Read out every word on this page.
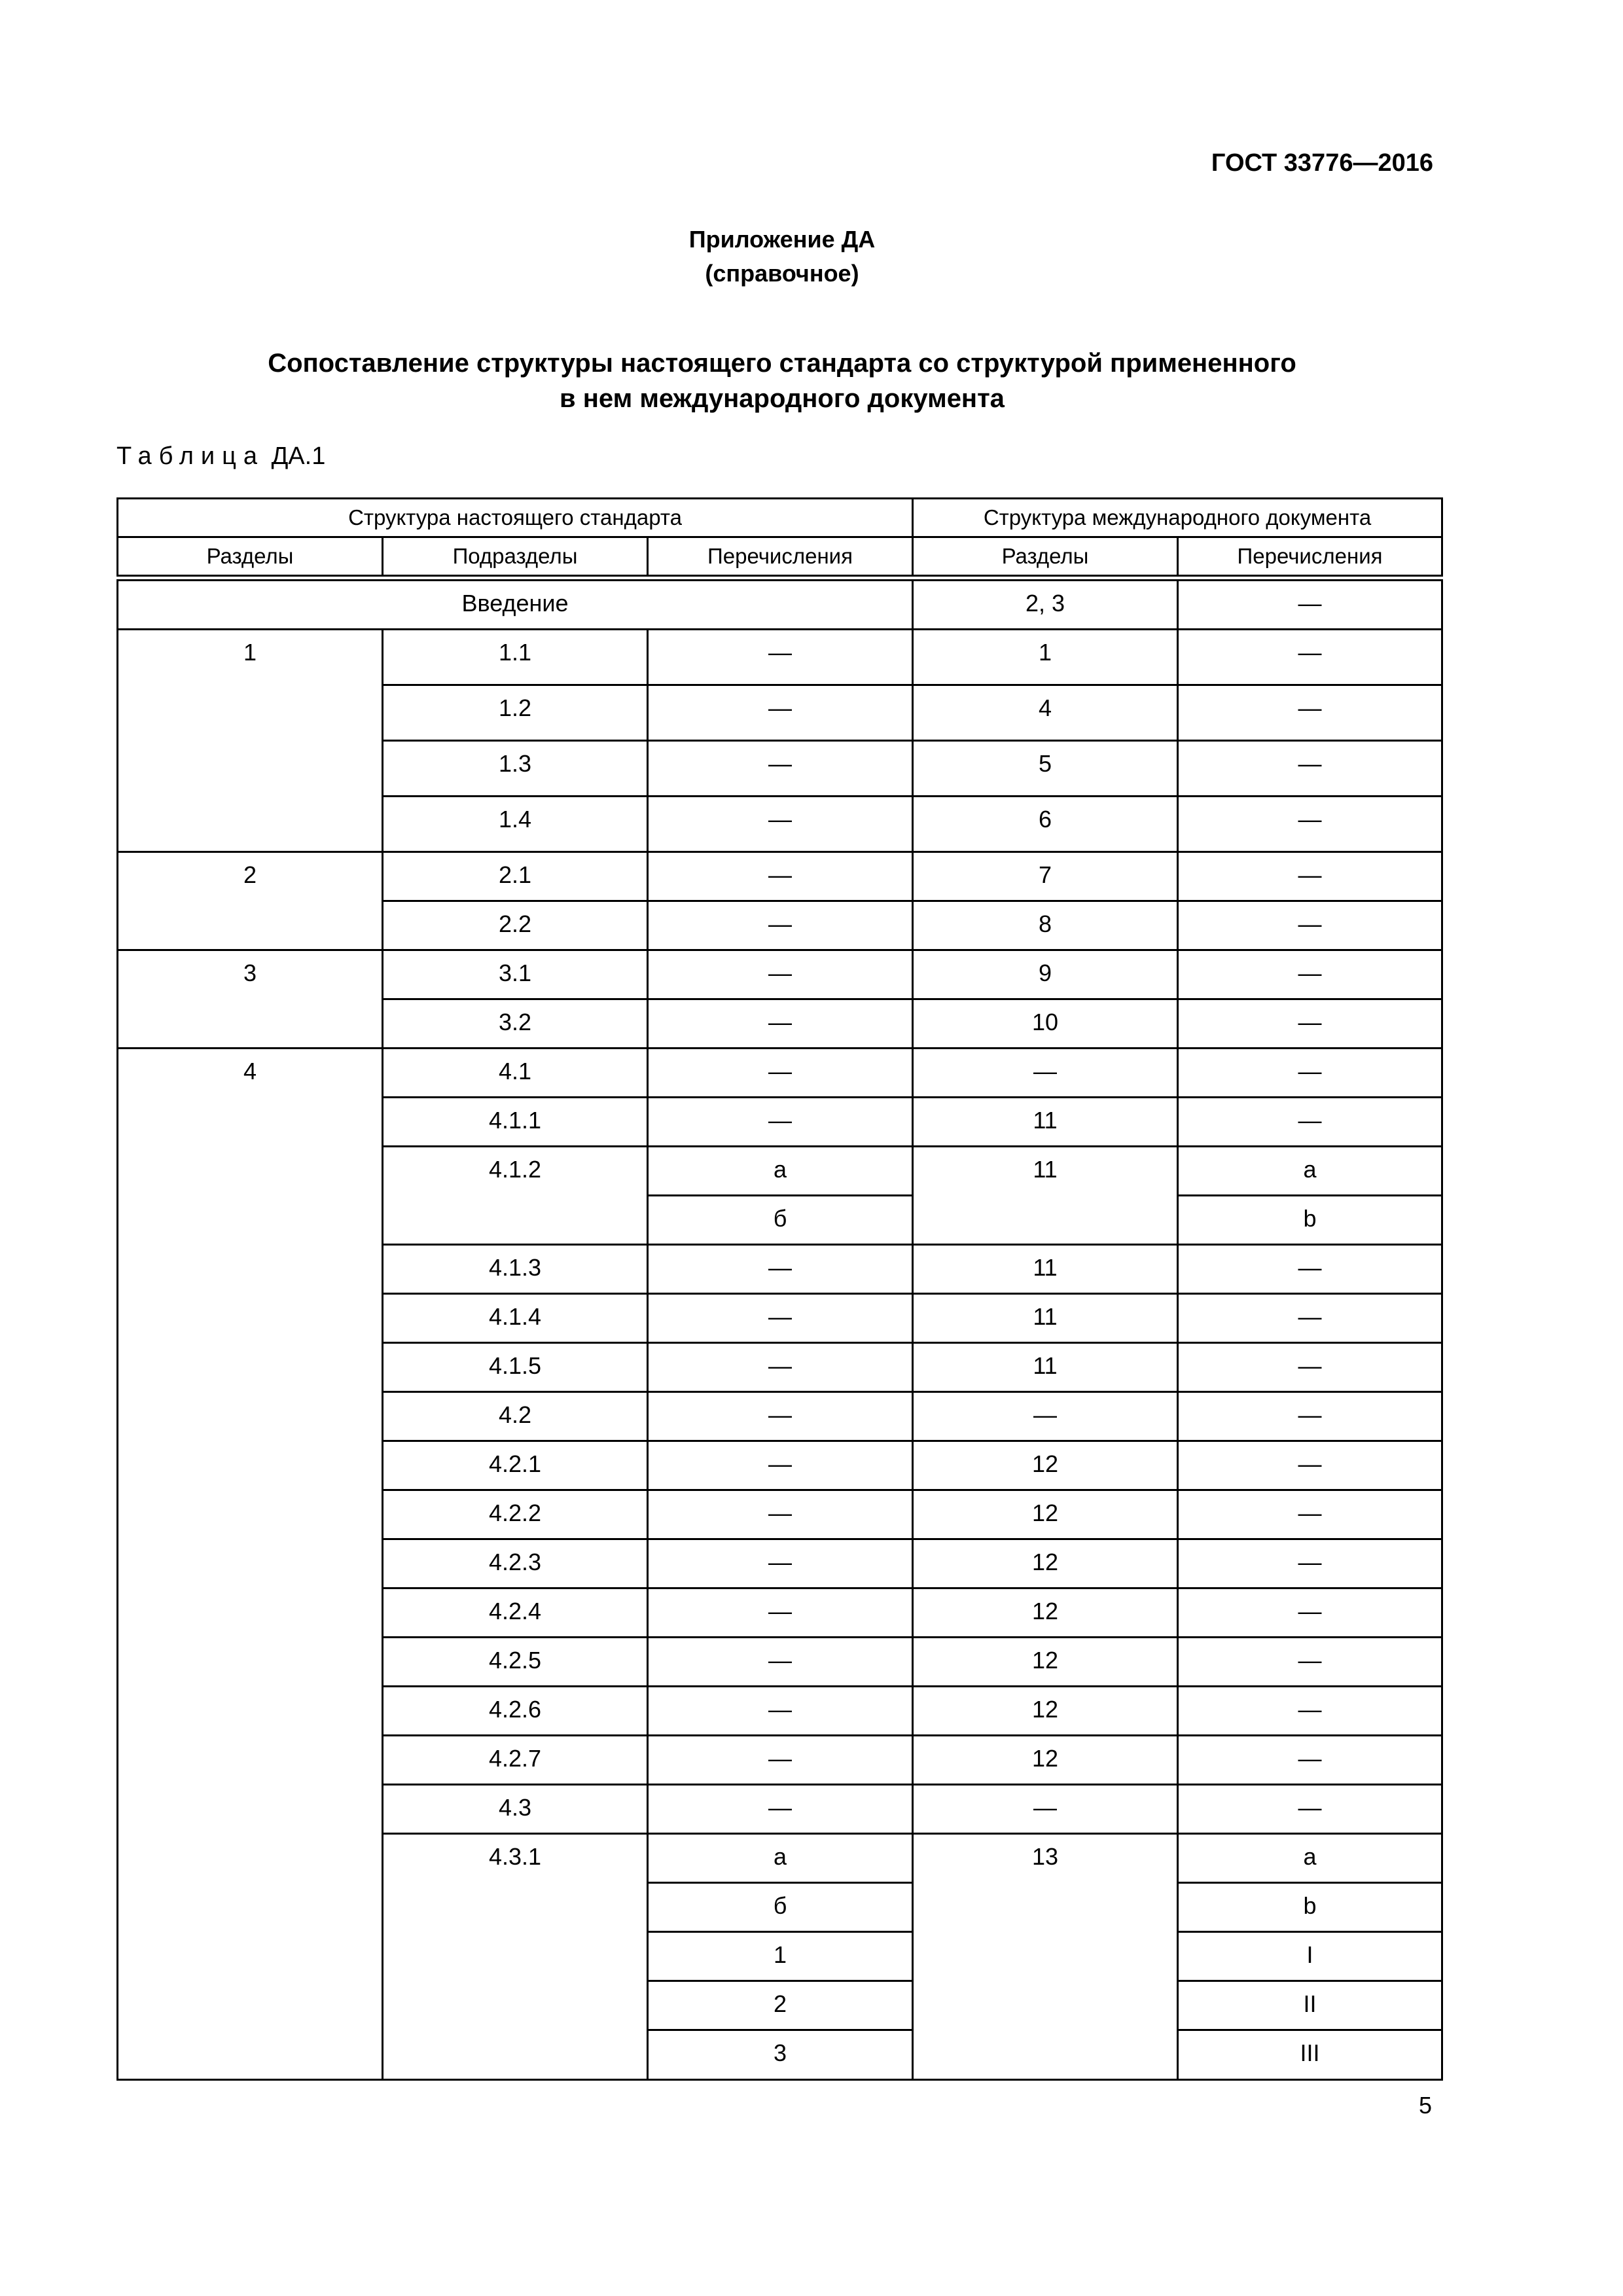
ГОСТ 33776—2016
Приложение ДА
(справочное)
Сопоставление структуры настоящего стандарта со структурой примененного
в нем международного документа
Таблица ДА.1
Структура настоящего стандарта			Структура международного документа	
Разделы	Подразделы	Перечисления	Разделы	Перечисления
Введение			2, 3	—
1	1.1	—	1	—
	1.2	—	4	—
	1.3	—	5	—
	1.4	—	6	—
2	2.1	—	7	—
	2.2	—	8	—
3	3.1	—	9	—
	3.2	—	10	—
4	4.1	—	—	—
	4.1.1	—	11	—
	4.1.2	а	11	a
		б		b
	4.1.3	—	11	—
	4.1.4	—	11	—
	4.1.5	—	11	—
	4.2	—	—	—
	4.2.1	—	12	—
	4.2.2	—	12	—
	4.2.3	—	12	—
	4.2.4	—	12	—
	4.2.5	—	12	—
	4.2.6	—	12	—
	4.2.7	—	12	—
	4.3	—	—	—
	4.3.1	а	13	a
		б		b
		1		I
		2		II
		3		III
5
